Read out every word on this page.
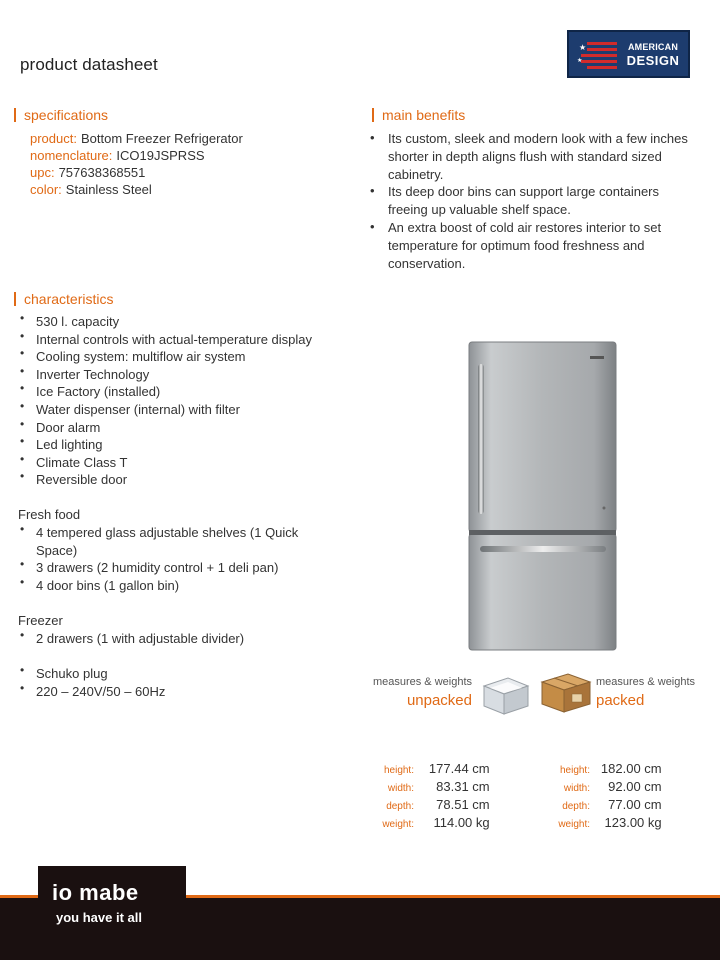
product datasheet
★
★
AMERICAN
DESIGN
specifications
product: Bottom Freezer Refrigerator
nomenclature: ICO19JSPRSS
upc: 757638368551
color: Stainless Steel
main benefits
• Its custom, sleek and modern look with a few inches shorter in depth aligns flush with standard sized cabinetry.
• Its deep door bins can support large containers freeing up valuable shelf space.
• An extra boost of cold air restores interior to set temperature for optimum food freshness and conservation.
characteristics
• 530 l. capacity
• Internal controls with actual-temperature display
• Cooling system: multiflow air system
• Inverter Technology
• Ice Factory (installed)
• Water dispenser (internal) with filter
• Door alarm
• Led lighting
• Climate Class T
• Reversible door
Fresh food
• 4 tempered glass adjustable shelves (1 Quick Space)
• 3 drawers (2 humidity control + 1 deli pan)
• 4 door bins (1 gallon bin)
Freezer
• 2 drawers (1 with adjustable divider)
• Schuko plug
• 220 – 240V/50 – 60Hz
measures & weights
unpacked
measures & weights
packed
height: 177.44 cm
width: 83.31 cm
depth: 78.51 cm
weight: 114.00 kg
height: 182.00 cm
width: 92.00 cm
depth: 77.00 cm
weight: 123.00 kg
io mabe
you have it all
